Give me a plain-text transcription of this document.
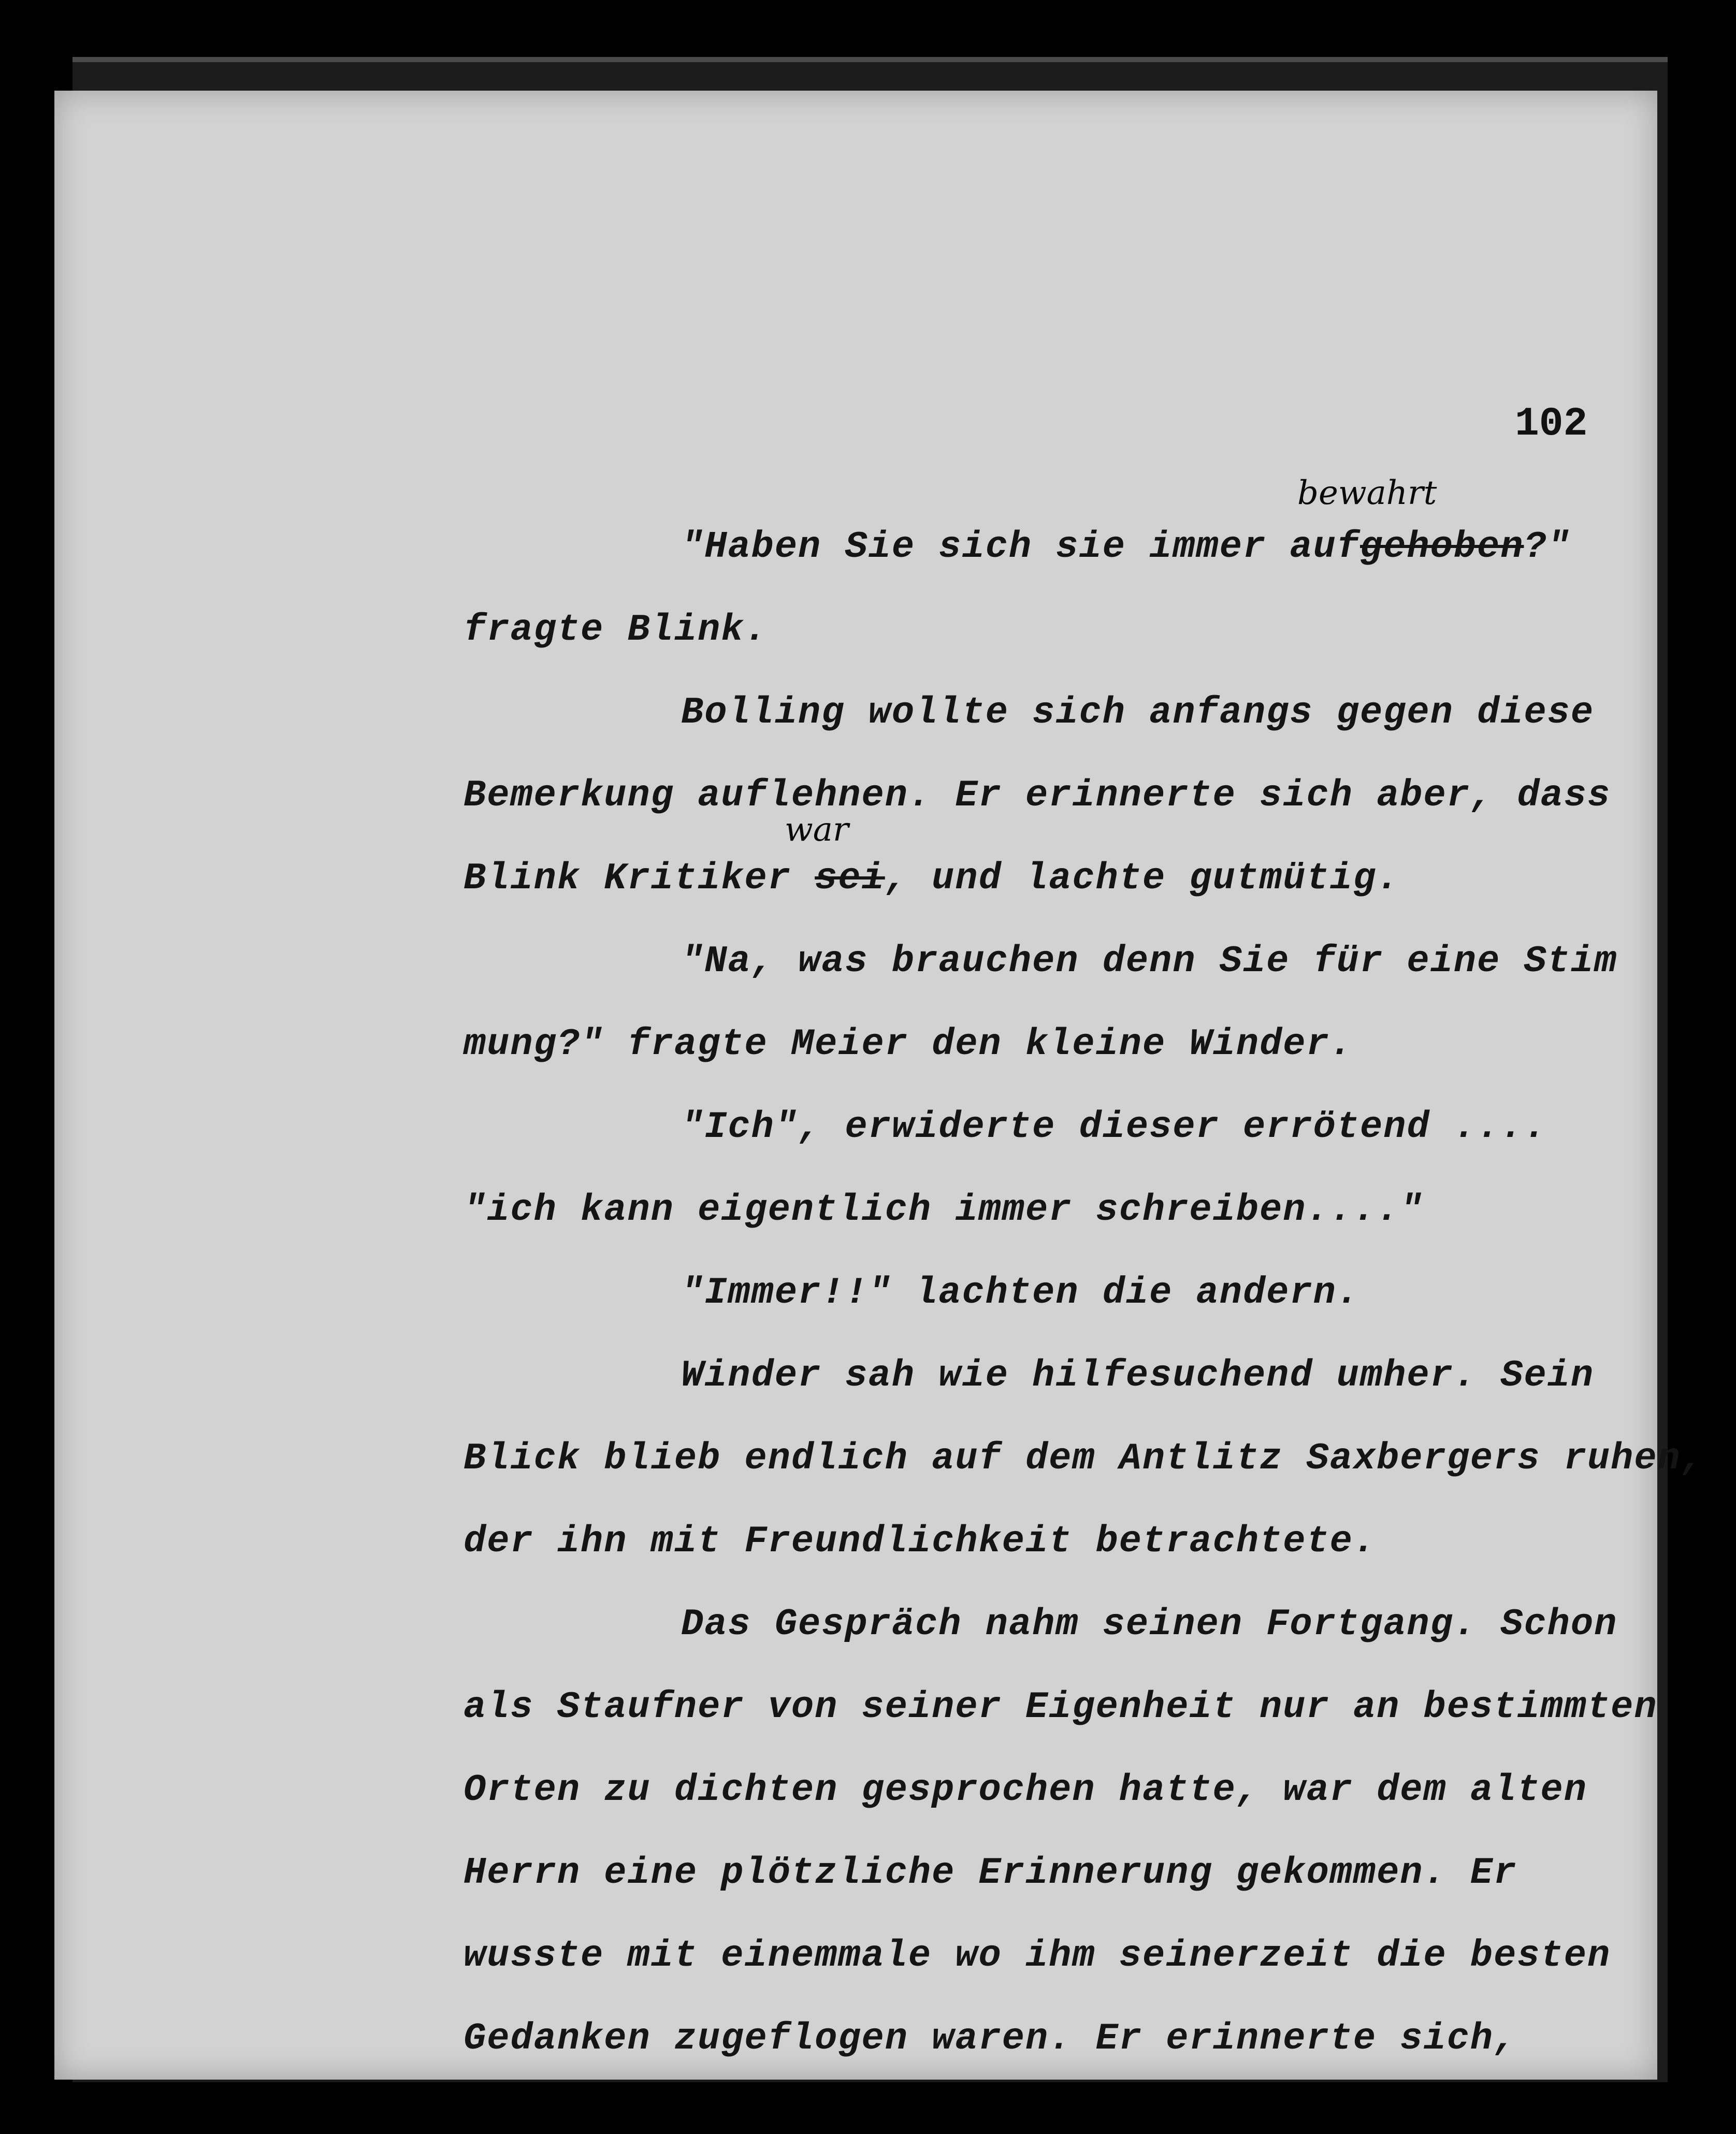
102
"Haben Sie sich sie immer aufgehoben?"
bewahrt
fragte Blink.
Bolling wollte sich anfangs gegen diese
Bemerkung auflehnen. Er erinnerte sich aber, dass
Blink Kritiker sei, und lachte gutmütig.
war
"Na, was brauchen denn Sie für eine Stim
mung?" fragte Meier den kleine Winder.
"Ich", erwiderte dieser errötend ....
"ich kann eigentlich immer schreiben...."
"Immer!!" lachten die andern.
Winder sah wie hilfesuchend umher. Sein
Blick blieb endlich auf dem Antlitz Saxbergers ruhen,
der ihn mit Freundlichkeit betrachtete.
Das Gespräch nahm seinen Fortgang. Schon
als Staufner von seiner Eigenheit nur an bestimmten
Orten zu dichten gesprochen hatte, war dem alten
Herrn eine plötzliche Erinnerung gekommen. Er
wusste mit einemmale wo ihm seinerzeit die besten
Gedanken zugeflogen waren. Er erinnerte sich,
